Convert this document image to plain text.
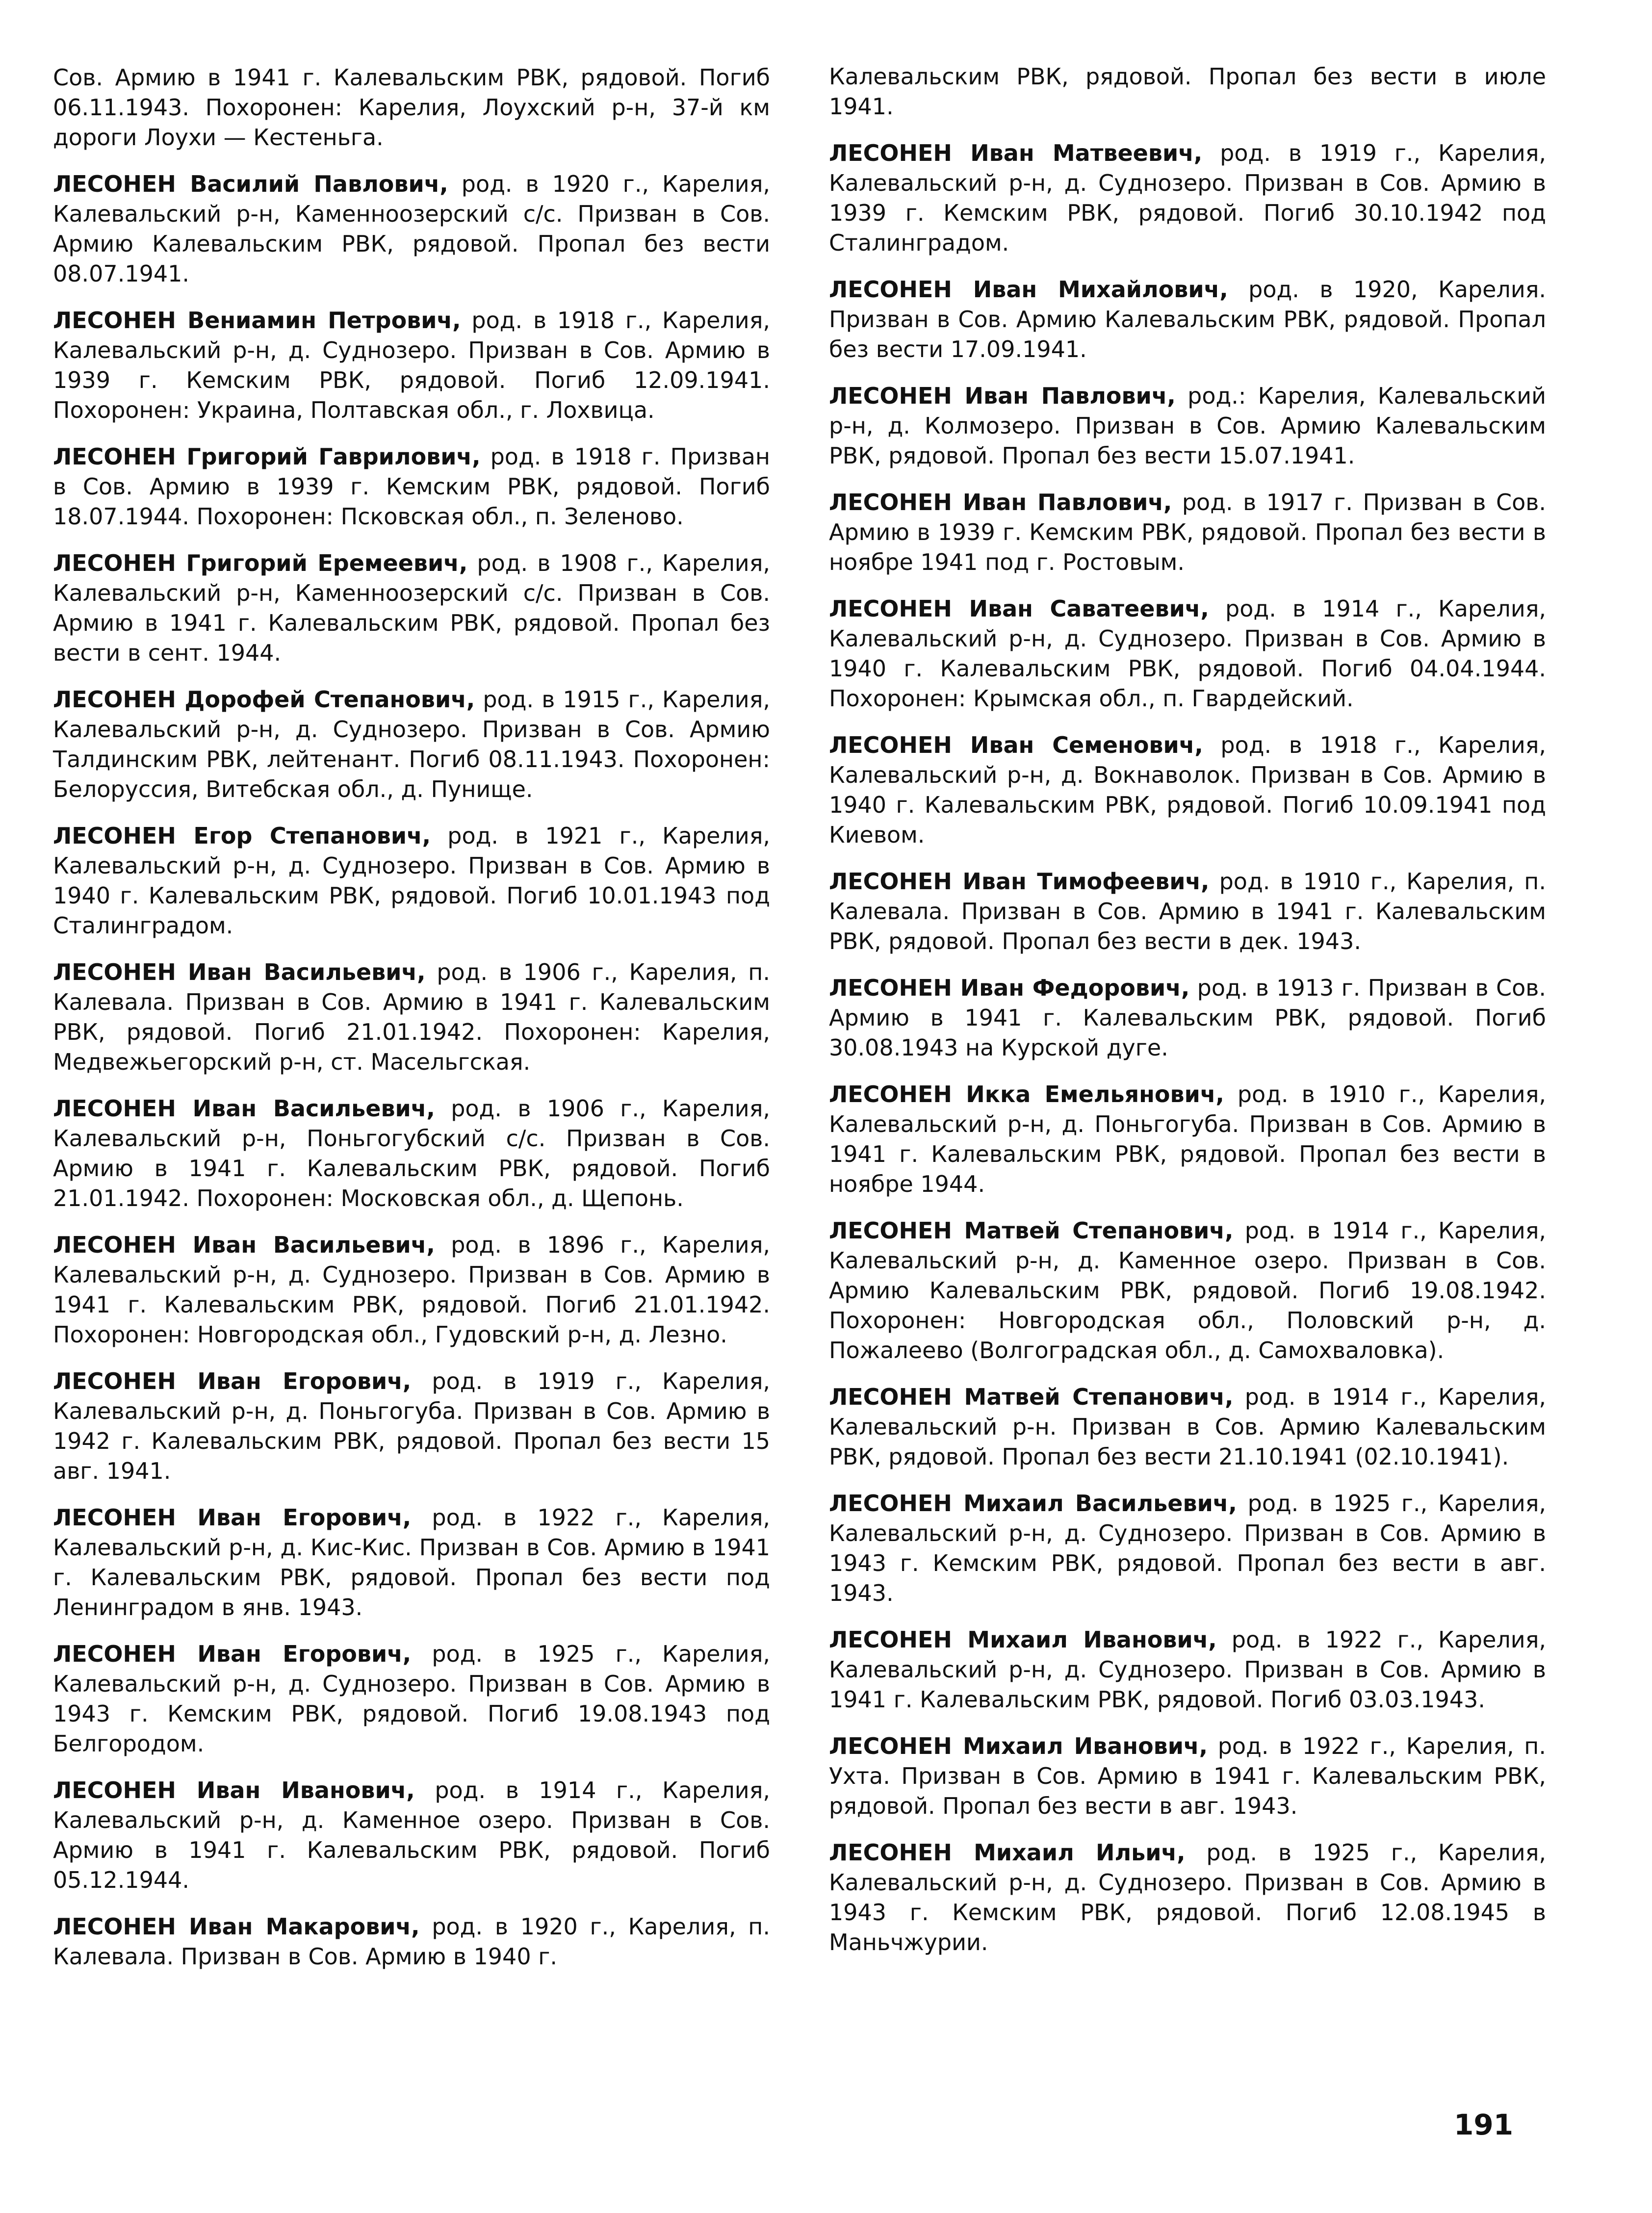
Сов. Армию в 1941 г. Калевальским РВК, рядовой. Погиб 06.11.1943. Похоронен: Карелия, Лоухский р-н, 37-й км дороги Лоухи — Кестеньга.

ЛЕСОНЕН Василий Павлович, род. в 1920 г., Карелия, Калевальский р-н, Каменноозерский с/с. Призван в Сов. Армию Калевальским РВК, рядовой. Пропал без вести 08.07.1941.

ЛЕСОНЕН Вениамин Петрович, род. в 1918 г., Карелия, Калевальский р-н, д. Суднозеро. Призван в Сов. Армию в 1939 г. Кемским РВК, рядовой. Погиб 12.09.1941. Похоронен: Украина, Полтавская обл., г. Лохвица.

ЛЕСОНЕН Григорий Гаврилович, род. в 1918 г. Призван в Сов. Армию в 1939 г. Кемским РВК, рядовой. Погиб 18.07.1944. Похоронен: Псковская обл., п. Зеленово.

ЛЕСОНЕН Григорий Еремеевич, род. в 1908 г., Карелия, Калевальский р-н, Каменноозерский с/с. Призван в Сов. Армию в 1941 г. Калевальским РВК, рядовой. Пропал без вести в сент. 1944.

ЛЕСОНЕН Дорофей Степанович, род. в 1915 г., Карелия, Калевальский р-н, д. Суднозеро. Призван в Сов. Армию Талдинским РВК, лейтенант. Погиб 08.11.1943. Похоронен: Белоруссия, Витебская обл., д. Пунище.

ЛЕСОНЕН Егор Степанович, род. в 1921 г., Карелия, Калевальский р-н, д. Суднозеро. Призван в Сов. Армию в 1940 г. Калевальским РВК, рядовой. Погиб 10.01.1943 под Сталинградом.

ЛЕСОНЕН Иван Васильевич, род. в 1906 г., Карелия, п. Калевала. Призван в Сов. Армию в 1941 г. Калевальским РВК, рядовой. Погиб 21.01.1942. Похоронен: Карелия, Медвежьегорский р-н, ст. Масельгская.

ЛЕСОНЕН Иван Васильевич, род. в 1906 г., Карелия, Калевальский р-н, Поньгогубский с/с. Призван в Сов. Армию в 1941 г. Калевальским РВК, рядовой. Погиб 21.01.1942. Похоронен: Московская обл., д. Щепонь.

ЛЕСОНЕН Иван Васильевич, род. в 1896 г., Карелия, Калевальский р-н, д. Суднозеро. Призван в Сов. Армию в 1941 г. Калевальским РВК, рядовой. Погиб 21.01.1942. Похоронен: Новгородская обл., Гудовский р-н, д. Лезно.

ЛЕСОНЕН Иван Егорович, род. в 1919 г., Карелия, Калевальский р-н, д. Поньгогуба. Призван в Сов. Армию в 1942 г. Калевальским РВК, рядовой. Пропал без вести 15 авг. 1941.

ЛЕСОНЕН Иван Егорович, род. в 1922 г., Карелия, Калевальский р-н, д. Кис-Кис. Призван в Сов. Армию в 1941 г. Калевальским РВК, рядовой. Пропал без вести под Ленинградом в янв. 1943.

ЛЕСОНЕН Иван Егорович, род. в 1925 г., Карелия, Калевальский р-н, д. Суднозеро. Призван в Сов. Армию в 1943 г. Кемским РВК, рядовой. Погиб 19.08.1943 под Белгородом.

ЛЕСОНЕН Иван Иванович, род. в 1914 г., Карелия, Калевальский р-н, д. Каменное озеро. Призван в Сов. Армию в 1941 г. Калевальским РВК, рядовой. Погиб 05.12.1944.

ЛЕСОНЕН Иван Макарович, род. в 1920 г., Карелия, п. Калевала. Призван в Сов. Армию в 1940 г.

Калевальским РВК, рядовой. Пропал без вести в июле 1941.

ЛЕСОНЕН Иван Матвеевич, род. в 1919 г., Карелия, Калевальский р-н, д. Суднозеро. Призван в Сов. Армию в 1939 г. Кемским РВК, рядовой. Погиб 30.10.1942 под Сталинградом.

ЛЕСОНЕН Иван Михайлович, род. в 1920, Карелия. Призван в Сов. Армию Калевальским РВК, рядовой. Пропал без вести 17.09.1941.

ЛЕСОНЕН Иван Павлович, род.: Карелия, Калевальский р-н, д. Колмозеро. Призван в Сов. Армию Калевальским РВК, рядовой. Пропал без вести 15.07.1941.

ЛЕСОНЕН Иван Павлович, род. в 1917 г. Призван в Сов. Армию в 1939 г. Кемским РВК, рядовой. Пропал без вести в ноябре 1941 под г. Ростовым.

ЛЕСОНЕН Иван Саватеевич, род. в 1914 г., Карелия, Калевальский р-н, д. Суднозеро. Призван в Сов. Армию в 1940 г. Калевальским РВК, рядовой. Погиб 04.04.1944. Похоронен: Крымская обл., п. Гвардейский.

ЛЕСОНЕН Иван Семенович, род. в 1918 г., Карелия, Калевальский р-н, д. Вокнаволок. Призван в Сов. Армию в 1940 г. Калевальским РВК, рядовой. Погиб 10.09.1941 под Киевом.

ЛЕСОНЕН Иван Тимофеевич, род. в 1910 г., Карелия, п. Калевала. Призван в Сов. Армию в 1941 г. Калевальским РВК, рядовой. Пропал без вести в дек. 1943.

ЛЕСОНЕН Иван Федорович, род. в 1913 г. Призван в Сов. Армию в 1941 г. Калевальским РВК, рядовой. Погиб 30.08.1943 на Курской дуге.

ЛЕСОНЕН Икка Емельянович, род. в 1910 г., Карелия, Калевальский р-н, д. Поньгогуба. Призван в Сов. Армию в 1941 г. Калевальским РВК, рядовой. Пропал без вести в ноябре 1944.

ЛЕСОНЕН Матвей Степанович, род. в 1914 г., Карелия, Калевальский р-н, д. Каменное озеро. Призван в Сов. Армию Калевальским РВК, рядовой. Погиб 19.08.1942. Похоронен: Новгородская обл., Половский р-н, д. Пожалеево (Волгоградская обл., д. Самохваловка).

ЛЕСОНЕН Матвей Степанович, род. в 1914 г., Карелия, Калевальский р-н. Призван в Сов. Армию Калевальским РВК, рядовой. Пропал без вести 21.10.1941 (02.10.1941).

ЛЕСОНЕН Михаил Васильевич, род. в 1925 г., Карелия, Калевальский р-н, д. Суднозеро. Призван в Сов. Армию в 1943 г. Кемским РВК, рядовой. Пропал без вести в авг. 1943.

ЛЕСОНЕН Михаил Иванович, род. в 1922 г., Карелия, Калевальский р-н, д. Суднозеро. Призван в Сов. Армию в 1941 г. Калевальским РВК, рядовой. Погиб 03.03.1943.

ЛЕСОНЕН Михаил Иванович, род. в 1922 г., Карелия, п. Ухта. Призван в Сов. Армию в 1941 г. Калевальским РВК, рядовой. Пропал без вести в авг. 1943.

ЛЕСОНЕН Михаил Ильич, род. в 1925 г., Карелия, Калевальский р-н, д. Суднозеро. Призван в Сов. Армию в 1943 г. Кемским РВК, рядовой. Погиб 12.08.1945 в Маньчжурии.

191
